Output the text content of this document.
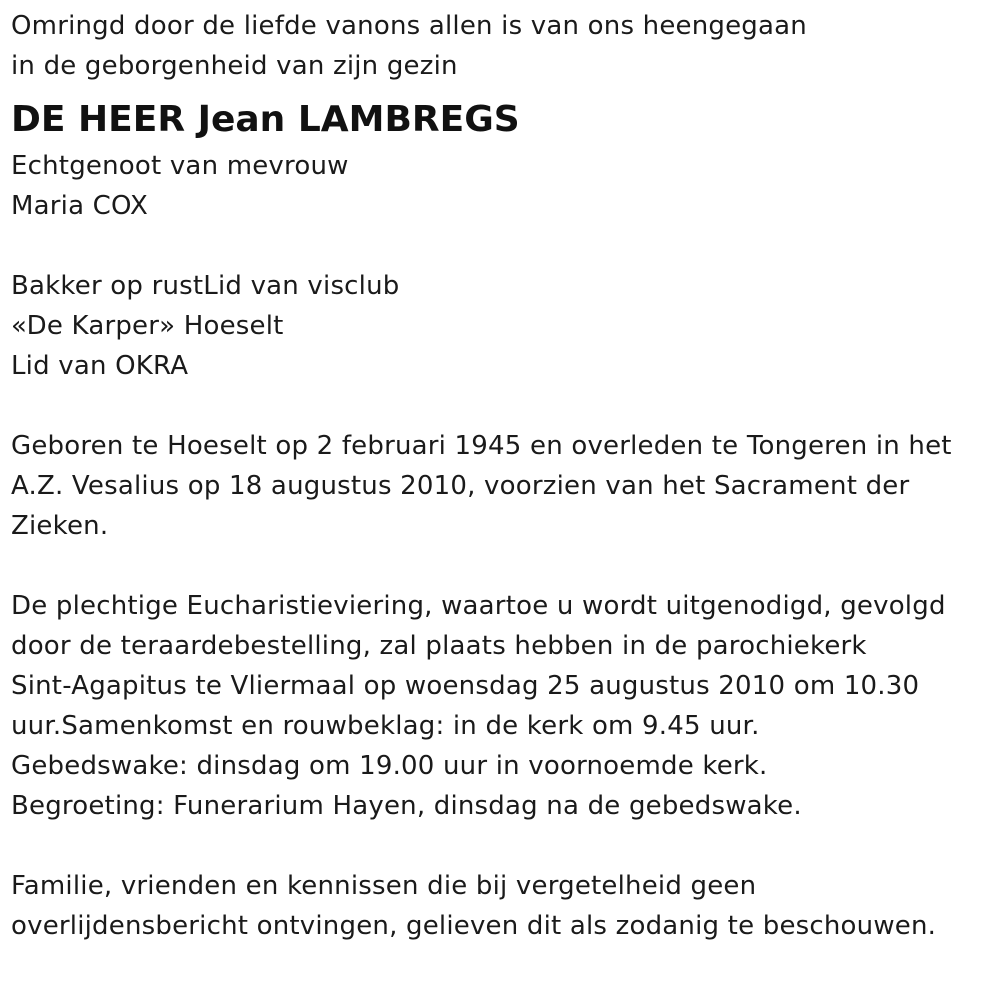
Omringd door de liefde vanons allen is van ons heengegaan
in de geborgenheid van zijn gezin
DE HEER Jean LAMBREGS
Echtgenoot van mevrouw
Maria COX
Bakker op rustLid van visclub
«De Karper» Hoeselt
Lid van OKRA
Geboren te Hoeselt op 2 februari 1945 en overleden te Tongeren in het
A.Z. Vesalius op 18 augustus 2010, voorzien van het Sacrament der
Zieken.
De plechtige Eucharistieviering, waartoe u wordt uitgenodigd, gevolgd
door de teraardebestelling, zal plaats hebben in de parochiekerk
Sint-Agapitus te Vliermaal op woensdag 25 augustus 2010 om 10.30
uur.Samenkomst en rouwbeklag: in de kerk om 9.45 uur.
Gebedswake: dinsdag om 19.00 uur in voornoemde kerk.
Begroeting: Funerarium Hayen, dinsdag na de gebedswake.
Familie, vrienden en kennissen die bij vergetelheid geen
overlijdensbericht ontvingen, gelieven dit als zodanig te beschouwen.
